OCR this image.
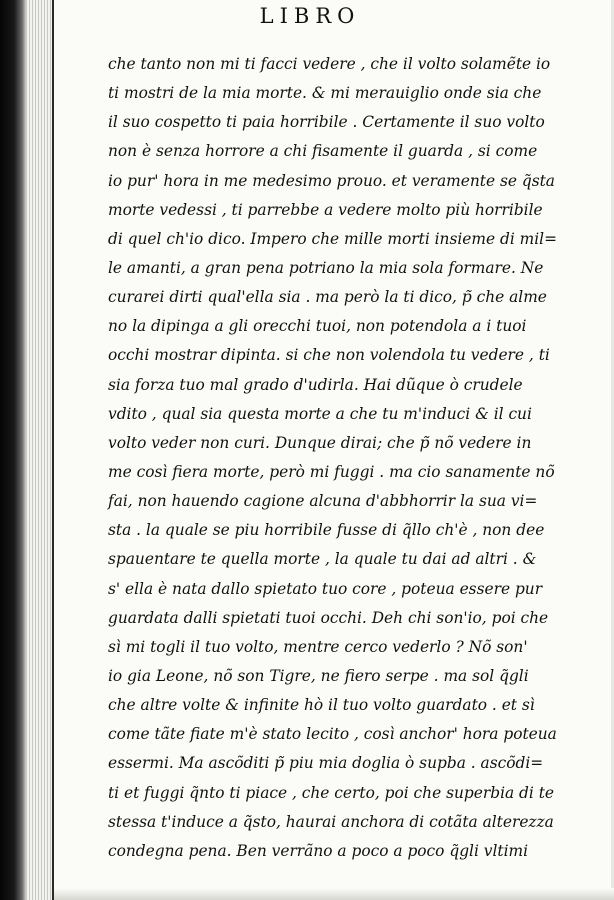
LIBRO
che tanto non mi ti facci vedere , che il volto solamẽte io
ti mostri de la mia morte. & mi merauiglio onde sia che
il suo cospetto ti paia horribile . Certamente il suo volto
non è senza horrore a chi fisamente il guarda , si come
io pur' hora in me medesimo prouo. et veramente se q̃sta
morte vedessi , ti parrebbe a vedere molto più horribile
di quel ch'io dico. Impero che mille morti insieme di mil=
le amanti, a gran pena potriano la mia sola formare. Ne
curarei dirti qual'ella sia . ma però la ti dico, p̃ che alme
no la dipinga a gli orecchi tuoi, non potendola a i tuoi
occhi mostrar dipinta. si che non volendola tu vedere , ti
sia forza tuo mal grado d'udirla. Hai dũque ò crudele
vdito , qual sia questa morte a che tu m'induci & il cui
volto veder non curi. Dunque dirai; che p̃ nõ vedere in
me così fiera morte, però mi fuggi . ma cio sanamente nõ
fai, non hauendo cagione alcuna d'abbhorrir la sua vi=
sta . la quale se piu horribile fusse di q̃llo ch'è , non dee
spauentare te quella morte , la quale tu dai ad altri . &
s' ella è nata dallo spietato tuo core , poteua essere pur
guardata dalli spietati tuoi occhi. Deh chi son'io, poi che
sì mi togli il tuo volto, mentre cerco vederlo ? Nõ son'
io gia Leone, nõ son Tigre, ne fiero serpe . ma sol q̃gli
che altre volte & infinite hò il tuo volto guardato . et sì
come tãte fiate m'è stato lecito , così anchor' hora poteua
essermi. Ma ascõditi p̃ piu mia doglia ò supba . ascõdi=
ti et fuggi q̃nto ti piace , che certo, poi che superbia di te
stessa t'induce a q̃sto, haurai anchora di cotãta alterezza
condegna pena. Ben verrãno a poco a poco q̃gli vltimi
